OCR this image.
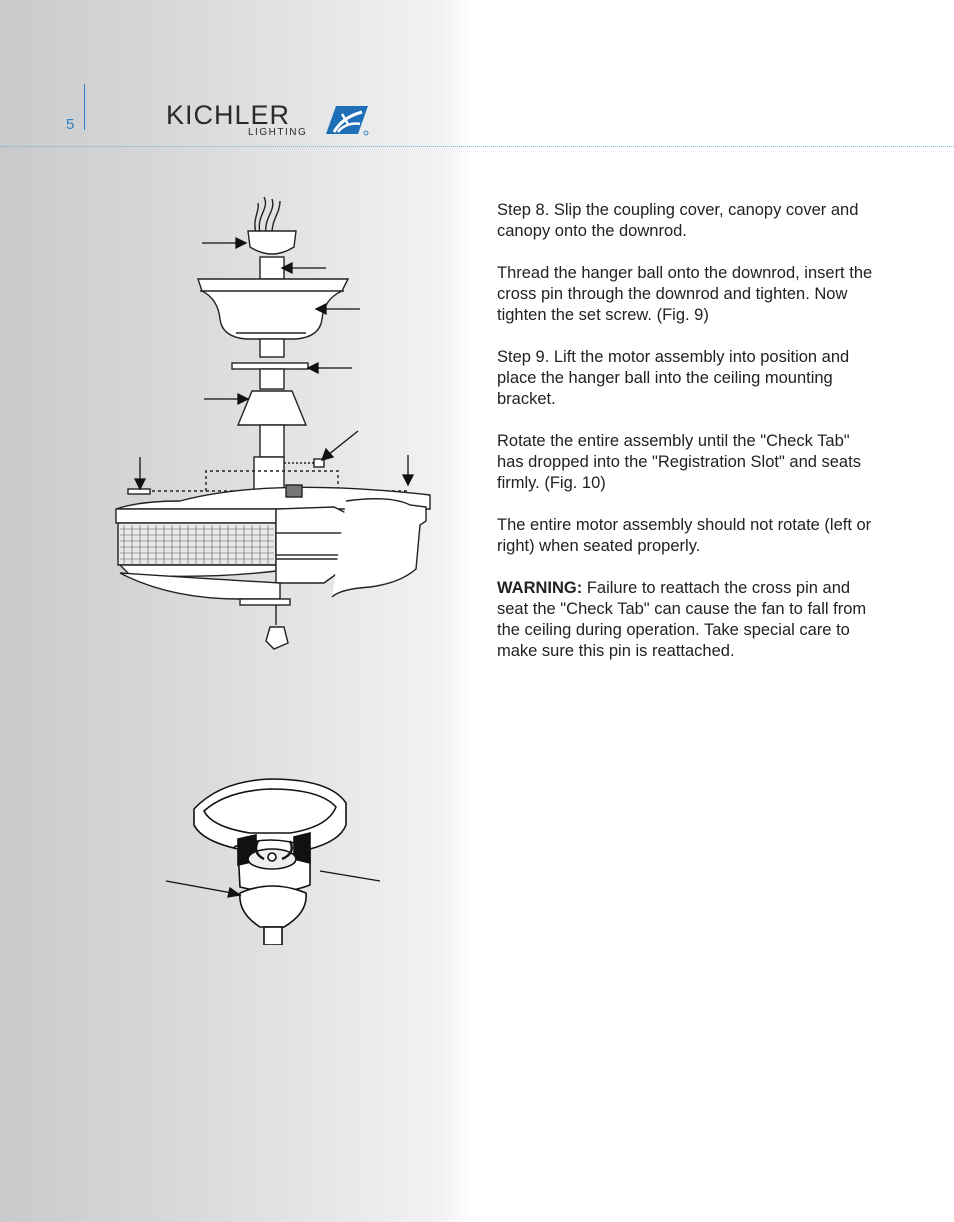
5	KICHLER
LIGHTING

Step 8. Slip the coupling cover, canopy cover and canopy onto the downrod.

Thread the hanger ball onto the downrod, insert the cross pin through the downrod and tighten. Now tighten the set screw. (Fig. 9)

Step 9. Lift the motor assembly into position and place the hanger ball into the ceiling mounting bracket.

Rotate the entire assembly until the "Check Tab" has dropped into the "Registration Slot" and seats firmly. (Fig. 10)

The entire motor assembly should not rotate (left or right) when seated properly.

WARNING: Failure to reattach the cross pin and seat the "Check Tab" can cause the fan to fall from the ceiling during operation. Take special care to make sure this pin is reattached.
